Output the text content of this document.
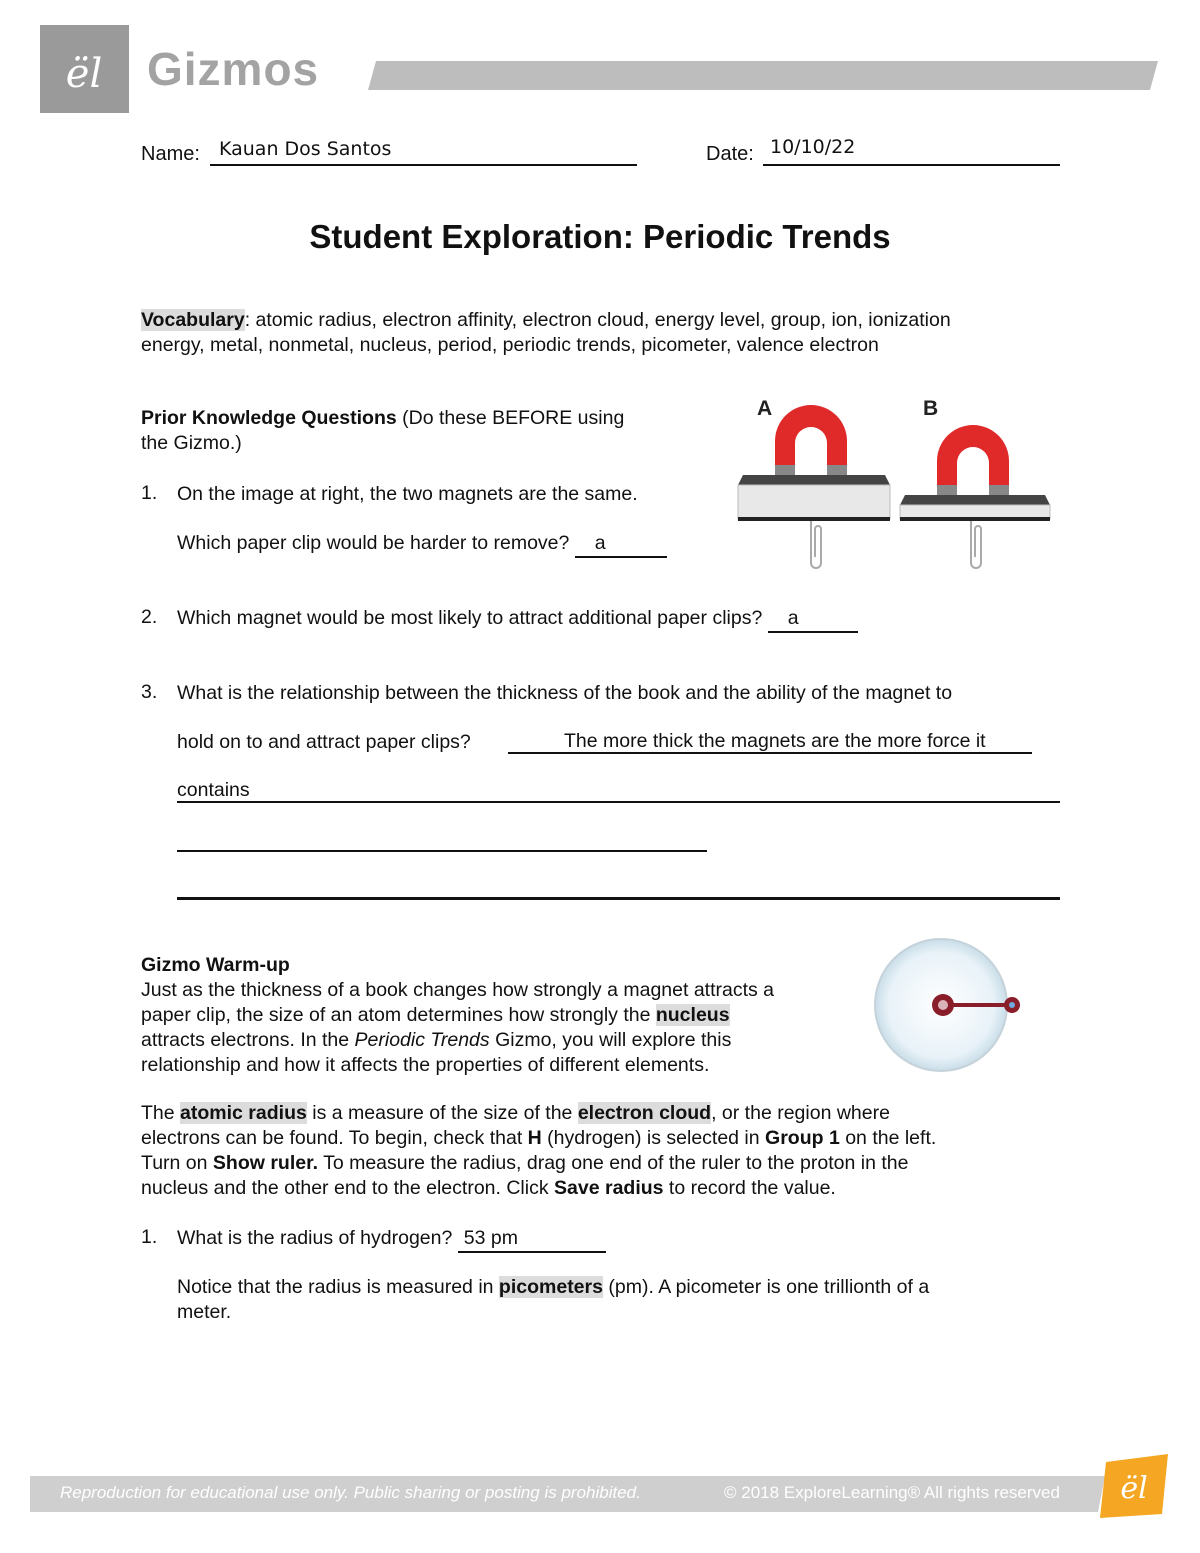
ël Gizmos
Name: Kauan Dos Santos	Date: 10/10/22
Student Exploration: Periodic Trends
Vocabulary: atomic radius, electron affinity, electron cloud, energy level, group, ion, ionization
energy, metal, nonmetal, nucleus, period, periodic trends, picometer, valence electron
Prior Knowledge Questions (Do these BEFORE using
the Gizmo.)
A	B
1. On the image at right, the two magnets are the same.
Which paper clip would be harder to remove? a

2. Which magnet would be most likely to attract additional paper clips? a

3. What is the relationship between the thickness of the book and the ability of the magnet to
hold on to and attract paper clips?	The more thick the magnets are the more force it
contains
Gizmo Warm-up
Just as the thickness of a book changes how strongly a magnet attracts a
paper clip, the size of an atom determines how strongly the nucleus
attracts electrons. In the Periodic Trends Gizmo, you will explore this
relationship and how it affects the properties of different elements.
The atomic radius is a measure of the size of the electron cloud, or the region where
electrons can be found. To begin, check that H (hydrogen) is selected in Group 1 on the left.
Turn on Show ruler. To measure the radius, drag one end of the ruler to the proton in the
nucleus and the other end to the electron. Click Save radius to record the value.
1. What is the radius of hydrogen? 53 pm

Notice that the radius is measured in picometers (pm). A picometer is one trillionth of a
meter.
Reproduction for educational use only. Public sharing or posting is prohibited.	© 2018 ExploreLearning® All rights reserved ël
